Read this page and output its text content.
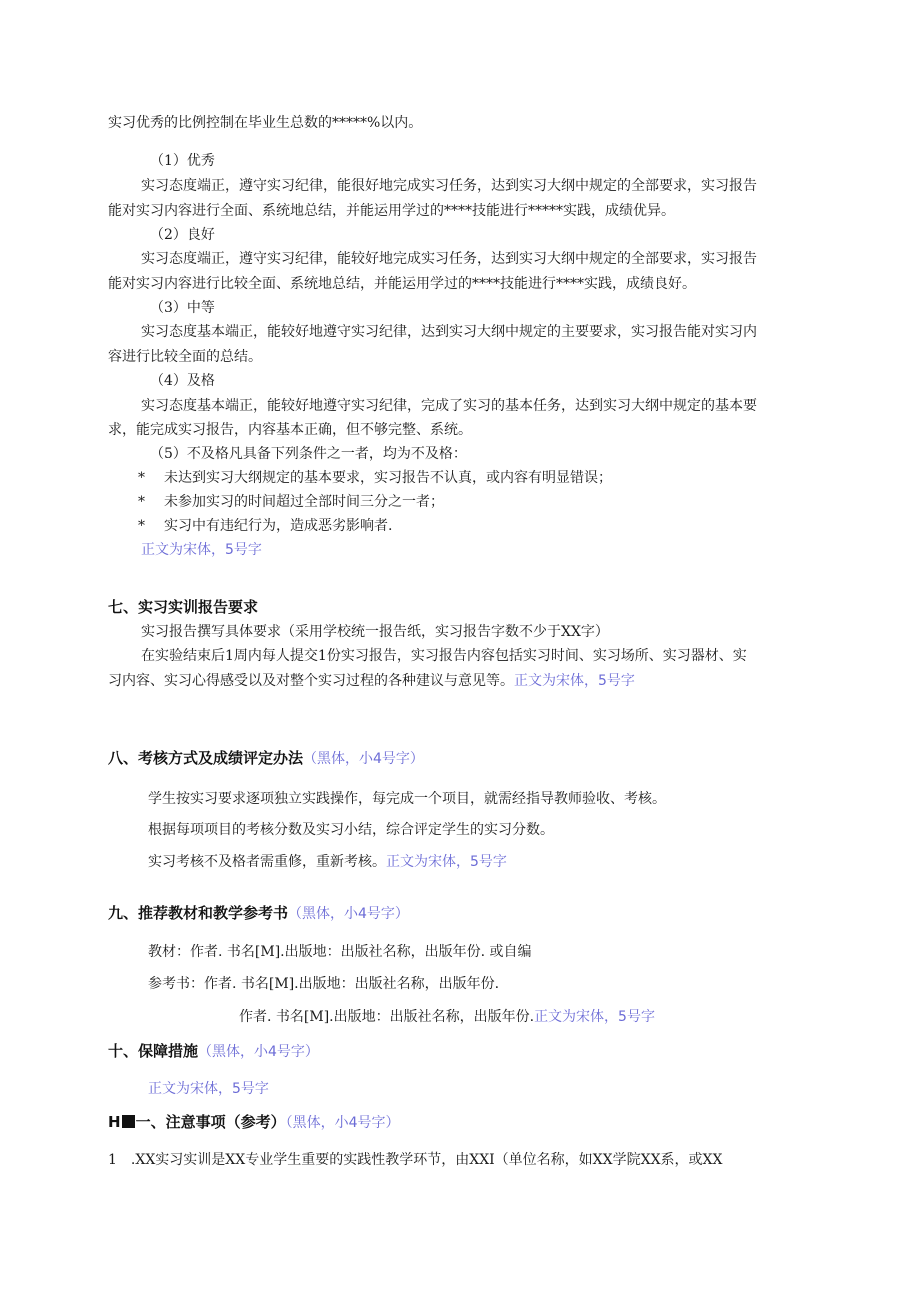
实习优秀的比例控制在毕业生总数的*****%以内。
（1）优秀
实习态度端正，遵守实习纪律，能很好地完成实习任务，达到实习大纲中规定的全部要求，实习报告
能对实习内容进行全面、系统地总结，并能运用学过的****技能进行*****实践，成绩优异。
（2）良好
实习态度端正，遵守实习纪律，能较好地完成实习任务，达到实习大纲中规定的全部要求，实习报告
能对实习内容进行比较全面、系统地总结，并能运用学过的****技能进行****实践，成绩良好。
（3）中等
实习态度基本端正，能较好地遵守实习纪律，达到实习大纲中规定的主要要求，实习报告能对实习内
容进行比较全面的总结。
（4）及格
实习态度基本端正，能较好地遵守实习纪律，完成了实习的基本任务，达到实习大纲中规定的基本要
求，能完成实习报告，内容基本正确，但不够完整、系统。
（5）不及格凡具备下列条件之一者，均为不及格：
* 未达到实习大纲规定的基本要求，实习报告不认真，或内容有明显错误；
* 未参加实习的时间超过全部时间三分之一者；
* 实习中有违纪行为，造成恶劣影响者.
正文为宋体，5号字
七、实习实训报告要求
实习报告撰写具体要求（采用学校统一报告纸，实习报告字数不少于XX字）
在实验结束后1周内每人提交1份实习报告，实习报告内容包括实习时间、实习场所、实习器材、实
习内容、实习心得感受以及对整个实习过程的各种建议与意见等。正文为宋体，5号字
八、考核方式及成绩评定办法（黑体，小4号字）
学生按实习要求逐项独立实践操作，每完成一个项目，就需经指导教师验收、考核。
根据每项项目的考核分数及实习小结，综合评定学生的实习分数。
实习考核不及格者需重修，重新考核。正文为宋体，5号字
九、推荐教材和教学参考书（黑体，小4号字）
教材：作者. 书名[M].出版地：出版社名称，出版年份. 或自编
参考书：作者. 书名[M].出版地：出版社名称，出版年份.
作者. 书名[M].出版地：出版社名称，出版年份.正文为宋体，5号字
十、保障措施（黑体，小4号字）
正文为宋体，5号字
H 一、注意事项（参考）（黑体，小4号字）
1　.XX实习实训是XX专业学生重要的实践性教学环节，由XXI（单位名称，如XX学院XX系，或XX
